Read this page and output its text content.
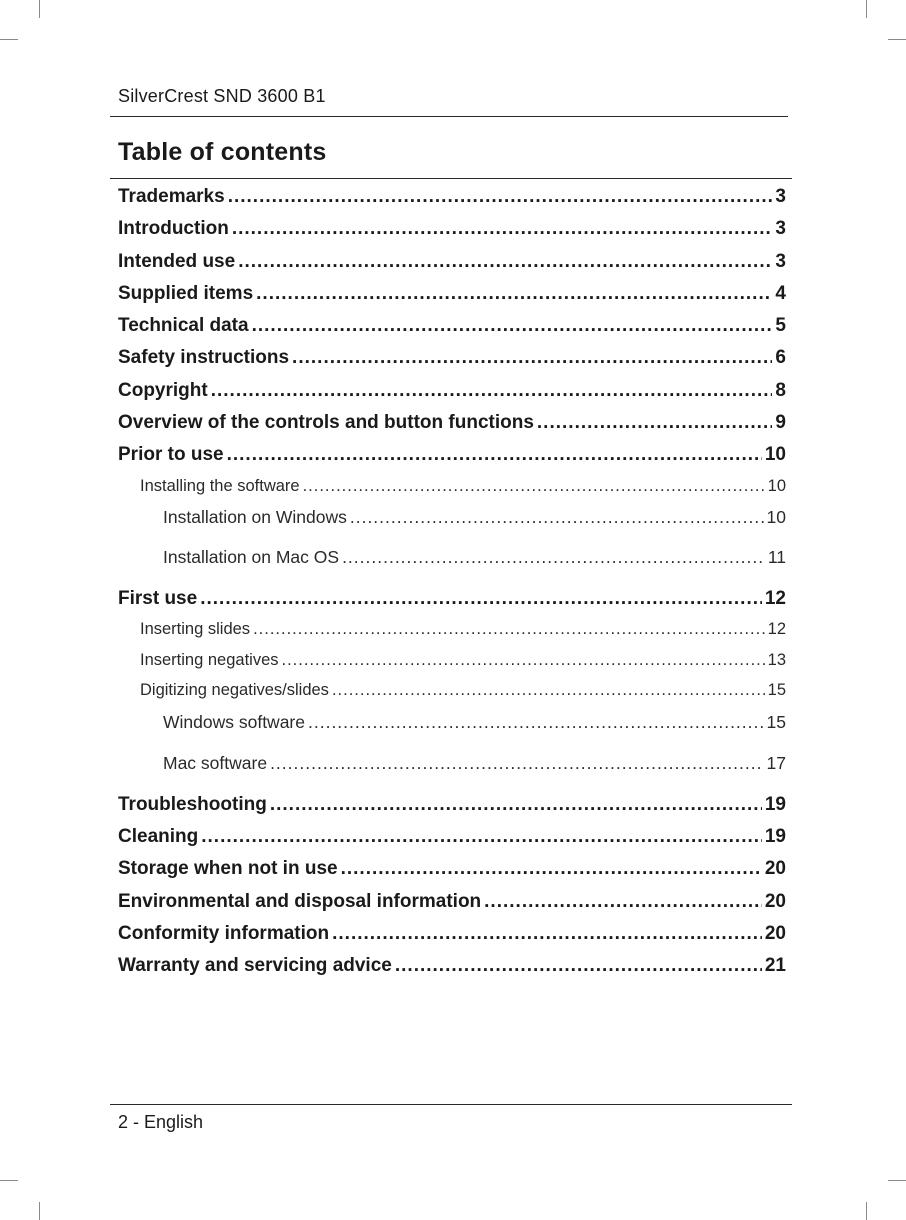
SilverCrest SND 3600 B1
Table of contents
Trademarks .....	3
Introduction .....	3
Intended use .....	3
Supplied items .....	4
Technical data .....	5
Safety instructions .....	6
Copyright .....	8
Overview of the controls and button functions .....	9
Prior to use .....	10
Installing the software .....	10
Installation on Windows .....	10
Installation on Mac OS .....	11
First use .....	12
Inserting slides .....	12
Inserting negatives .....	13
Digitizing negatives/slides .....	15
Windows software .....	15
Mac software .....	17
Troubleshooting .....	19
Cleaning .....	19
Storage when not in use .....	20
Environmental and disposal information .....	20
Conformity information .....	20
Warranty and servicing advice .....	21
2 - English
